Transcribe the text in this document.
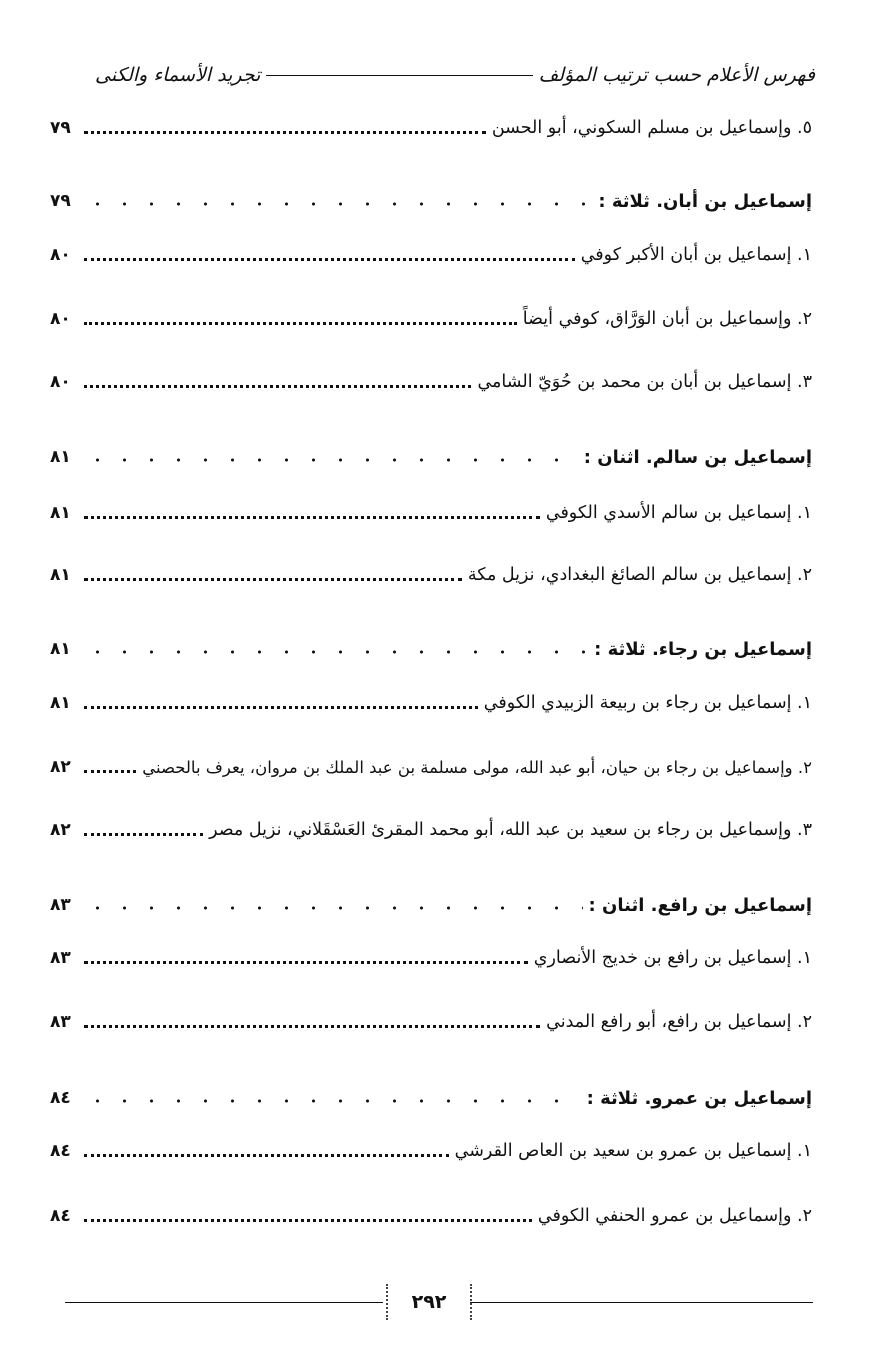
تجريد الأسماء والكنى	فهرس الأعلام حسب ترتيب المؤلف
٥. وإسماعيل بن مسلم السكوني، أبو الحسن
٧٩
إسماعيل بن أبان. ثلاثة :
٧٩
١. إسماعيل بن أبان الأكبر كوفي
٨٠
٢. وإسماعيل بن أبان الوَرَّاق، كوفي أيضاً
٨٠
٣. إسماعيل بن أبان بن محمد بن حُوَيّ الشامي
٨٠
إسماعيل بن سالم. اثنان :
٨١
١. إسماعيل بن سالم الأسدي الكوفي
٨١
٢. إسماعيل بن سالم الصائغ البغدادي، نزيل مكة
٨١
إسماعيل بن رجاء. ثلاثة :
٨١
١. إسماعيل بن رجاء بن ربيعة الزبيدي الكوفي
٨١
٢. وإسماعيل بن رجاء بن حيان، أبو عبد الله، مولى مسلمة بن عبد الملك بن مروان، يعرف بالحصني
٨٢
٣. وإسماعيل بن رجاء بن سعيد بن عبد الله، أبو محمد المقرئ العَسْقَلاني، نزيل مصر
٨٢
إسماعيل بن رافع. اثنان :
٨٣
١. إسماعيل بن رافع بن خديج الأنصاري
٨٣
٢. إسماعيل بن رافع، أبو رافع المدني
٨٣
إسماعيل بن عمرو. ثلاثة :
٨٤
١. إسماعيل بن عمرو بن سعيد بن العاص القرشي
٨٤
٢. وإسماعيل بن عمرو الحنفي الكوفي
٨٤
٢٩٢
